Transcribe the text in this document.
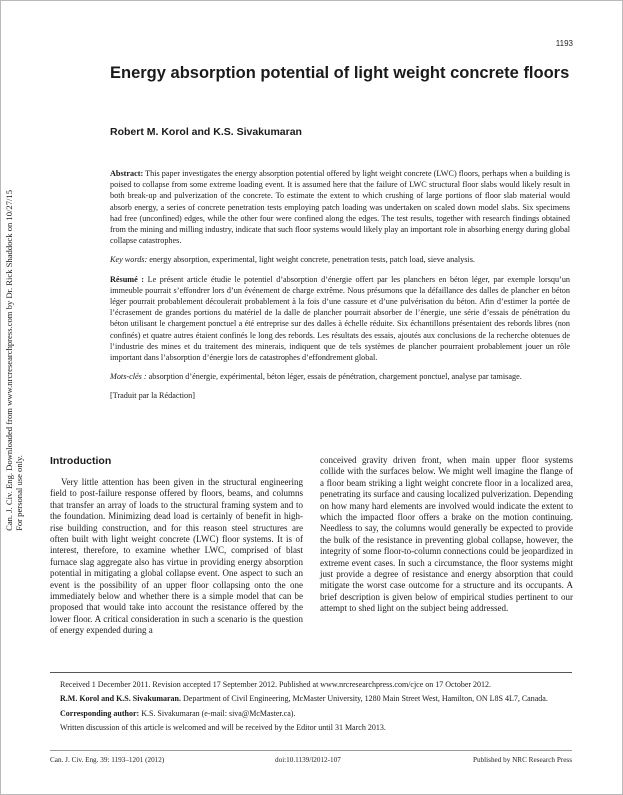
1193
Can. J. Civ. Eng. Downloaded from www.nrcresearchpress.com by Dr. Rick Shaddock on 10/27/15 For personal use only.
Energy absorption potential of light weight concrete floors
Robert M. Korol and K.S. Sivakumaran

Abstract: This paper investigates the energy absorption potential offered by light weight concrete (LWC) floors, perhaps when a building is poised to collapse from some extreme loading event. It is assumed here that the failure of LWC structural floor slabs would likely result in both break-up and pulverization of the concrete. To estimate the extent to which crushing of large portions of floor slab material would absorb energy, a series of concrete penetration tests employing patch loading was undertaken on scaled down model slabs. Six specimens had free (unconfined) edges, while the other four were confined along the edges. The test results, together with research findings obtained from the mining and milling industry, indicate that such floor systems would likely play an important role in absorbing energy during global collapse catastrophes.

Key words: energy absorption, experimental, light weight concrete, penetration tests, patch load, sieve analysis.

Résumé : Le présent article étudie le potentiel d’absorption d’énergie offert par les planchers en béton léger, par exemple lorsqu’un immeuble pourrait s’effondrer lors d’un événement de charge extrême. Nous présumons que la défaillance des dalles de plancher en béton léger pourrait probablement découlerait probablement à la fois d’une cassure et d’une pulvérisation du béton. Afin d’estimer la portée de l’écrasement de grandes portions du matériel de la dalle de plancher pourrait absorber de l’énergie, une série d’essais de pénétration du béton utilisant le chargement ponctuel a été entreprise sur des dalles à échelle réduite. Six échantillons présentaient des rebords libres (non confinés) et quatre autres étaient confinés le long des rebords. Les résultats des essais, ajoutés aux conclusions de la recherche obtenues de l’industrie des mines et du traitement des minerais, indiquent que de tels systèmes de plancher pourraient probablement jouer un rôle important dans l’absorption d’énergie lors de catastrophes d’effondrement global.

Mots-clés : absorption d’énergie, expérimental, béton léger, essais de pénétration, chargement ponctuel, analyse par tamisage.

[Traduit par la Rédaction]

Introduction
Very little attention has been given in the structural engineering field to post-failure response offered by floors, beams, and columns that transfer an array of loads to the structural framing system and to the foundation. Minimizing dead load is certainly of benefit in high-rise building construction, and for this reason steel structures are often built with light weight concrete (LWC) floor systems. It is of interest, therefore, to examine whether LWC, comprised of blast furnace slag aggregate also has virtue in providing energy absorption potential in mitigating a global collapse event. One aspect to such an event is the possibility of an upper floor collapsing onto the one immediately below and whether there is a simple model that can be proposed that would take into account the resistance offered by the lower floor. A critical consideration in such a scenario is the question of energy expended during a
conceived gravity driven front, when main upper floor systems collide with the surfaces below. We might well imagine the flange of a floor beam striking a light weight concrete floor in a localized area, penetrating its surface and causing localized pulverization. Depending on how many hard elements are involved would indicate the extent to which the impacted floor offers a brake on the motion continuing. Needless to say, the columns would generally be expected to provide the bulk of the resistance in preventing global collapse, however, the integrity of some floor-to-column connections could be jeopardized in extreme event cases. In such a circumstance, the floor systems might just provide a degree of resistance and energy absorption that could mitigate the worst case outcome for a structure and its occupants. A brief description is given below of empirical studies pertinent to our attempt to shed light on the subject being addressed.

Received 1 December 2011. Revision accepted 17 September 2012. Published at www.nrcresearchpress.com/cjce on 17 October 2012.

R.M. Korol and K.S. Sivakumaran. Department of Civil Engineering, McMaster University, 1280 Main Street West, Hamilton, ON L8S 4L7, Canada.

Corresponding author: K.S. Sivakumaran (e-mail: siva@McMaster.ca).

Written discussion of this article is welcomed and will be received by the Editor until 31 March 2013.

Can. J. Civ. Eng. 39: 1193–1201 (2012)	doi:10.1139/l2012-107	Published by NRC Research Press
